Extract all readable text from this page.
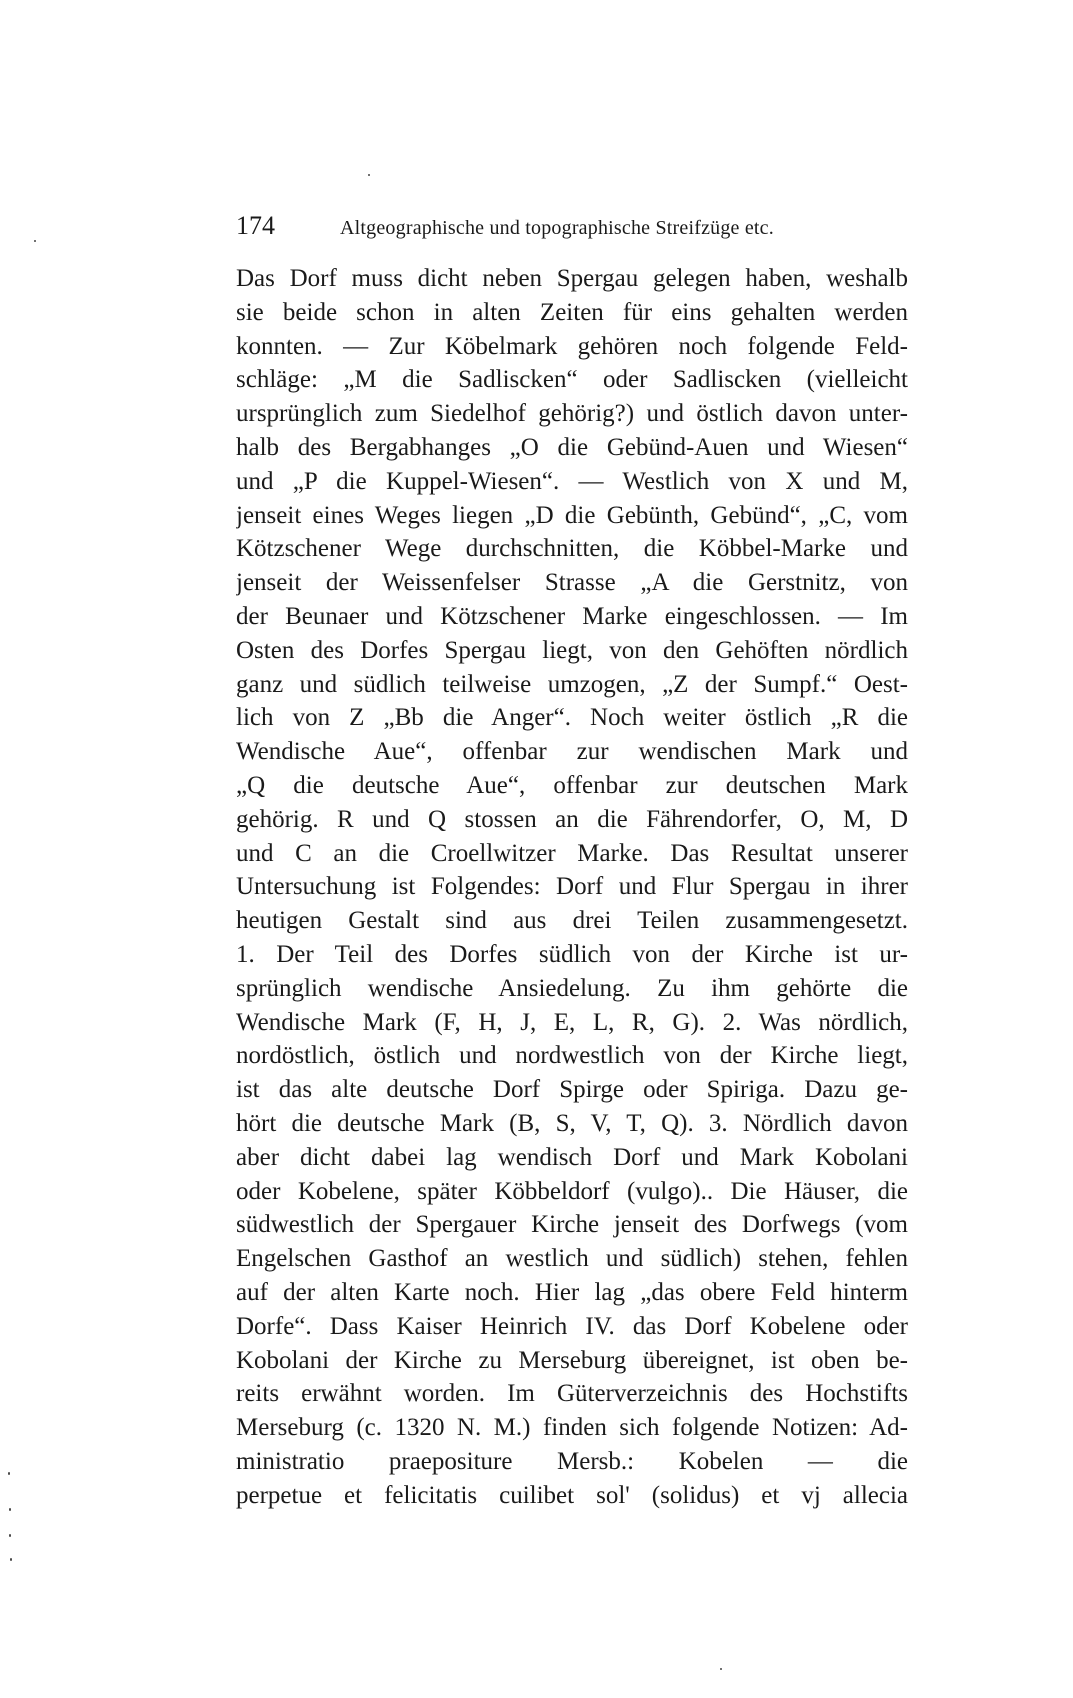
174	Altgeographische und topographische Streifzüge etc.
Das Dorf muss dicht neben Spergau gelegen haben, weshalb
sie beide schon in alten Zeiten für eins gehalten werden
konnten. — Zur Köbelmark gehören noch folgende Feld-
schläge: „M die Sadliscken“ oder Sadliscken (vielleicht
ursprünglich zum Siedelhof gehörig?) und östlich davon unter-
halb des Bergabhanges „O die Gebünd-Auen und Wiesen“
und „P die Kuppel-Wiesen“. — Westlich von X und M,
jenseit eines Weges liegen „D die Gebünth, Gebünd“, „C, vom
Kötzschener Wege durchschnitten, die Köbbel-Marke und
jenseit der Weissenfelser Strasse „A die Gerstnitz, von
der Beunaer und Kötzschener Marke eingeschlossen. — Im
Osten des Dorfes Spergau liegt, von den Gehöften nördlich
ganz und südlich teilweise umzogen, „Z der Sumpf.“ Oest-
lich von Z „Bb die Anger“. Noch weiter östlich „R die
Wendische Aue“, offenbar zur wendischen Mark und
„Q die deutsche Aue“, offenbar zur deutschen Mark
gehörig. R und Q stossen an die Fährendorfer, O, M, D
und C an die Croellwitzer Marke. Das Resultat unserer
Untersuchung ist Folgendes: Dorf und Flur Spergau in ihrer
heutigen Gestalt sind aus drei Teilen zusammengesetzt.
1. Der Teil des Dorfes südlich von der Kirche ist ur-
sprünglich wendische Ansiedelung. Zu ihm gehörte die
Wendische Mark (F, H, J, E, L, R, G). 2. Was nördlich,
nordöstlich, östlich und nordwestlich von der Kirche liegt,
ist das alte deutsche Dorf Spirge oder Spiriga. Dazu ge-
hört die deutsche Mark (B, S, V, T, Q). 3. Nördlich davon
aber dicht dabei lag wendisch Dorf und Mark Kobolani
oder Kobelene, später Köbbeldorf (vulgo).. Die Häuser, die
südwestlich der Spergauer Kirche jenseit des Dorfwegs (vom
Engelschen Gasthof an westlich und südlich) stehen, fehlen
auf der alten Karte noch. Hier lag „das obere Feld hinterm
Dorfe“. Dass Kaiser Heinrich IV. das Dorf Kobelene oder
Kobolani der Kirche zu Merseburg übereignet, ist oben be-
reits erwähnt worden. Im Güterverzeichnis des Hochstifts
Merseburg (c. 1320 N. M.) finden sich folgende Notizen: Ad-
ministratio praepositure Mersb.: Kobelen — die
perpetue et felicitatis cuilibet sol' (solidus) et vj allecia
